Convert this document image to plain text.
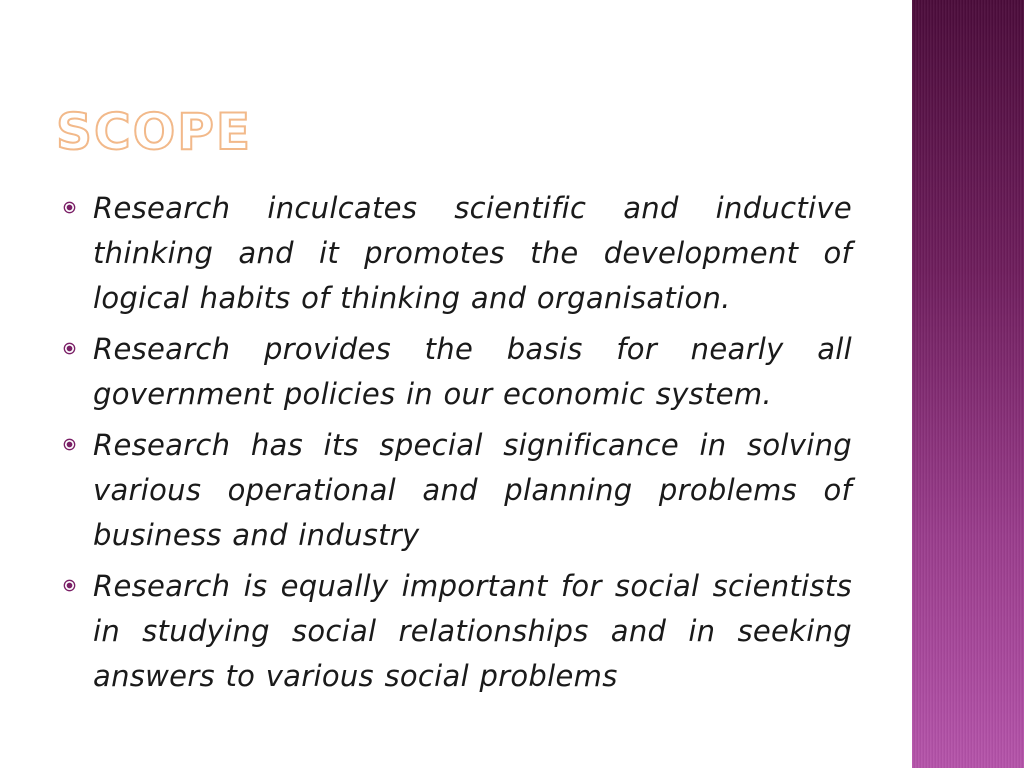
SCOPE
Research inculcates scientific and inductive thinking and it promotes the development of logical habits of thinking and organisation.
Research provides the basis for nearly all government policies in our economic system.
Research has its special significance in solving various operational and planning problems of business and industry
Research is equally important for social scientists in studying social relationships and in seeking answers to various social problems
